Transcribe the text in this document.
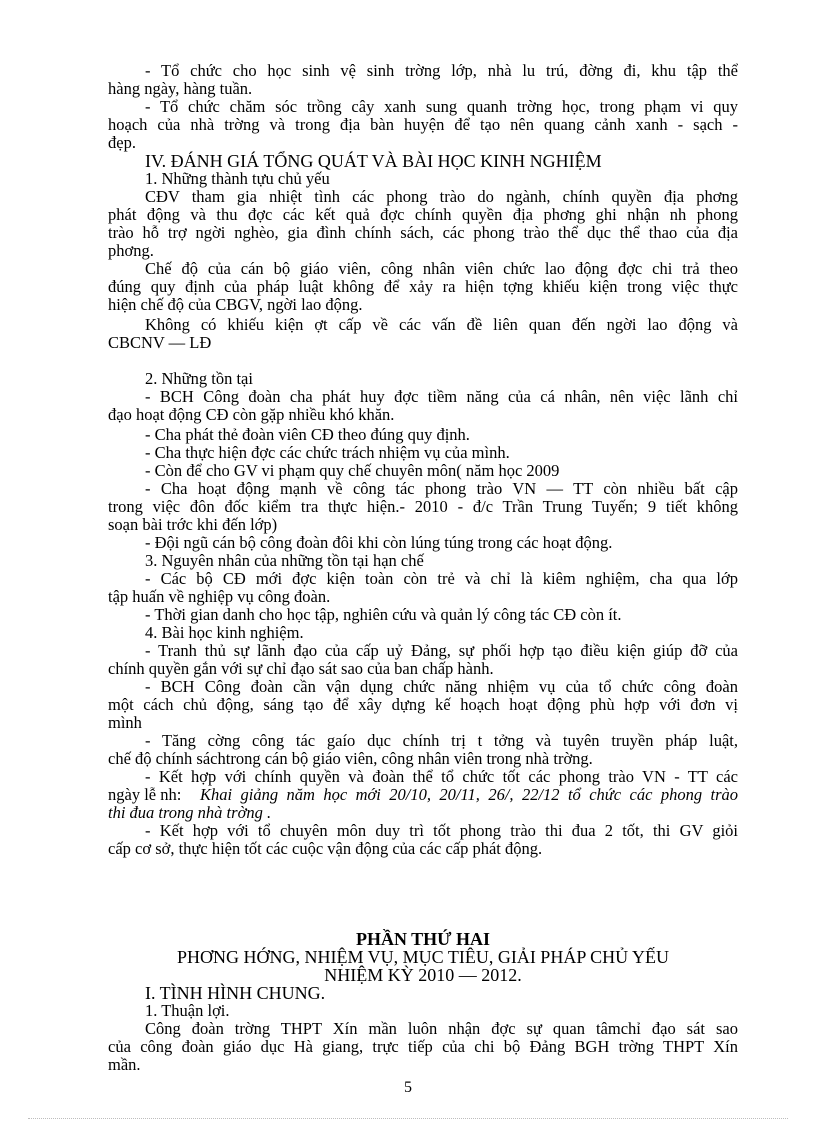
- Tổ chức cho học sinh vệ sinh trờng lớp, nhà lu trú, đờng đi, khu tập thể
hàng ngày, hàng tuần.
- Tổ chức chăm sóc trồng cây xanh sung quanh trờng học, trong phạm vi quy
hoạch của nhà trờng và trong địa bàn huyện để tạo nên quang cảnh xanh - sạch -
đẹp.
IV. ĐÁNH GIÁ TỔNG QUÁT VÀ BÀI HỌC KINH NGHIỆM
1. Những thành tựu chủ yếu
CĐV tham gia nhiệt tình các phong trào do ngành, chính quyền địa phơng
phát động và thu đợc các kết quả đợc chính quyền địa phơng ghi nhận nh phong
trào hỗ trợ ngời nghèo, gia đình chính sách, các phong trào thể dục thể thao của địa
phơng.
Chế độ của cán bộ giáo viên, công nhân viên chức lao động đợc chi trả theo
đúng quy định của pháp luật không để xảy ra hiện tợng khiếu kiện trong việc thực
hiện chế độ của CBGV, ngời lao động.
Không có khiếu kiện ợt cấp về các vấn đề liên quan đến ngời lao động và
CBCNV — LĐ
2. Những tồn tại
- BCH Công đoàn cha phát huy đợc tiềm năng của cá nhân, nên việc lãnh chỉ
đạo hoạt động CĐ còn gặp nhiều khó khăn.
- Cha phát thẻ đoàn viên CĐ theo đúng quy định.
- Cha thực hiện đợc các chức trách nhiệm vụ của mình.
- Còn để cho GV vi phạm quy chế chuyên môn( năm học 2009
- Cha hoạt động mạnh về công tác phong trào VN — TT còn nhiều bất cập
trong việc đôn đốc kiểm tra thực hiện.- 2010 - đ/c Trần Trung Tuyến; 9 tiết không
soạn bài trớc khi đến lớp)
- Đội ngũ cán bộ công đoàn đôi khi còn lúng túng trong các hoạt động.
3. Nguyên nhân của những tồn tại hạn chế
- Các bộ CĐ mới đợc kiện toàn còn trẻ và chỉ là kiêm nghiệm, cha qua lớp
tập huấn về nghiệp vụ công đoàn.
- Thời gian danh cho học tập, nghiên cứu và quản lý công tác CĐ còn ít.
4. Bài học kinh nghiệm.
- Tranh thủ sự lãnh đạo của cấp uỷ Đảng, sự phối hợp tạo điều kiện giúp đỡ của
chính quyền gắn với sự chỉ đạo sát sao của ban chấp hành.
- BCH Công đoàn cần vận dụng chức năng nhiệm vụ của tổ chức công đoàn
một cách chủ động, sáng tạo để xây dựng kế hoạch hoạt động phù hợp với đơn vị
mình
- Tăng cờng công tác gaío dục chính trị t tởng và tuyên truyền pháp luật,
chế độ chính sáchtrong cán bộ giáo viên, công nhân viên trong nhà trờng.
- Kết hợp với chính quyền và đoàn thể tổ chức tốt các phong trào VN - TT các
ngày lễ nh: Khai giảng năm học mới 20/10, 20/11, 26/, 22/12 tổ chức các phong trào
thi đua trong nhà trờng .
- Kết hợp với tổ chuyên môn duy trì tốt phong trào thi đua 2 tốt, thi GV giỏi
cấp cơ sở, thực hiện tốt các cuộc vận động của các cấp phát động.
PHẦN THỨ HAI
PHƠNG HỚNG, NHIỆM VỤ, MỤC TIÊU, GIẢI PHÁP CHỦ YẾU
NHIỆM KỲ 2010 — 2012.
I. TÌNH HÌNH CHUNG.
1. Thuận lợi.
Công đoàn trờng THPT Xín mần luôn nhận đợc sự quan tâmchỉ đạo sát sao
của công đoàn giáo dục Hà giang, trực tiếp của chi bộ Đảng BGH trờng THPT Xín
mần.
5
